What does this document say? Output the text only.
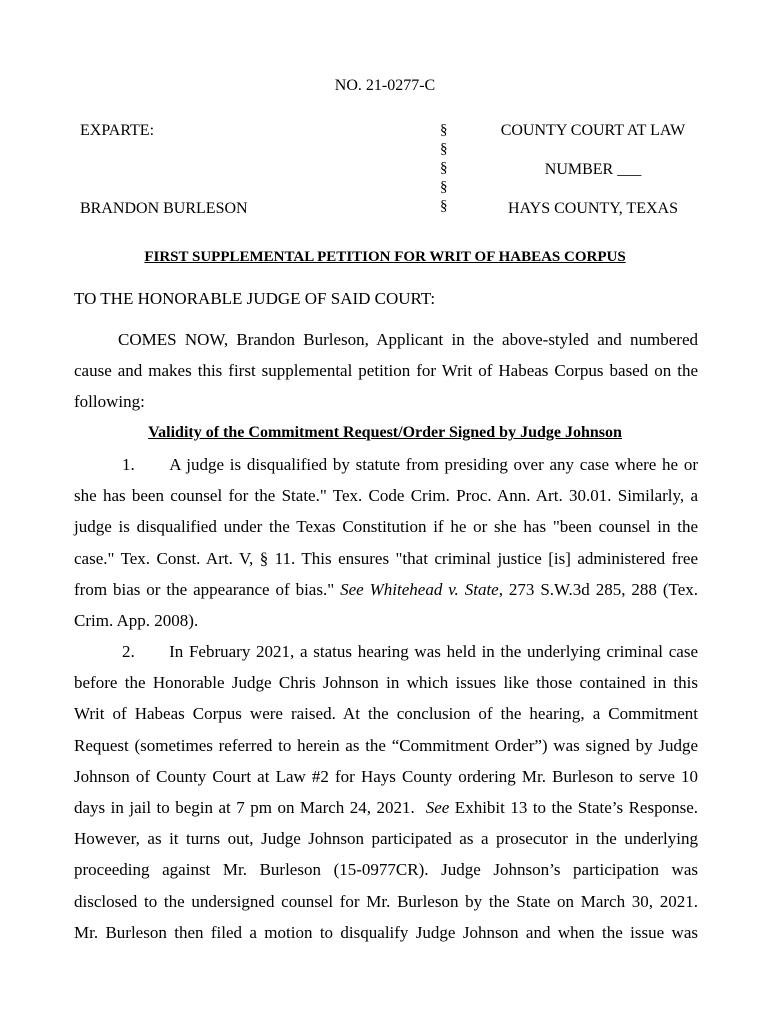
NO. 21-0277-C
EXPARTE:
BRANDON BURLESON
§
§
§
§
§
COUNTY COURT AT LAW
NUMBER ___
HAYS COUNTY, TEXAS
FIRST SUPPLEMENTAL PETITION FOR WRIT OF HABEAS CORPUS
TO THE HONORABLE JUDGE OF SAID COURT:
COMES NOW, Brandon Burleson, Applicant in the above-styled and numbered
cause and makes this first supplemental petition for Writ of Habeas Corpus based on the
following:
Validity of the Commitment Request/Order Signed by Judge Johnson
1. A judge is disqualified by statute from presiding over any case where he or
she has been counsel for the State." Tex. Code Crim. Proc. Ann. Art. 30.01. Similarly, a
judge is disqualified under the Texas Constitution if he or she has "been counsel in the
case." Tex. Const. Art. V, § 11. This ensures "that criminal justice [is] administered free
from bias or the appearance of bias." See Whitehead v. State, 273 S.W.3d 285, 288 (Tex.
Crim. App. 2008).
2. In February 2021, a status hearing was held in the underlying criminal case
before the Honorable Judge Chris Johnson in which issues like those contained in this
Writ of Habeas Corpus were raised. At the conclusion of the hearing, a Commitment
Request (sometimes referred to herein as the “Commitment Order”) was signed by Judge
Johnson of County Court at Law #2 for Hays County ordering Mr. Burleson to serve 10
days in jail to begin at 7 pm on March 24, 2021. See Exhibit 13 to the State’s Response.
However, as it turns out, Judge Johnson participated as a prosecutor in the underlying
proceeding against Mr. Burleson (15-0977CR). Judge Johnson’s participation was
disclosed to the undersigned counsel for Mr. Burleson by the State on March 30, 2021.
Mr. Burleson then filed a motion to disqualify Judge Johnson and when the issue was
